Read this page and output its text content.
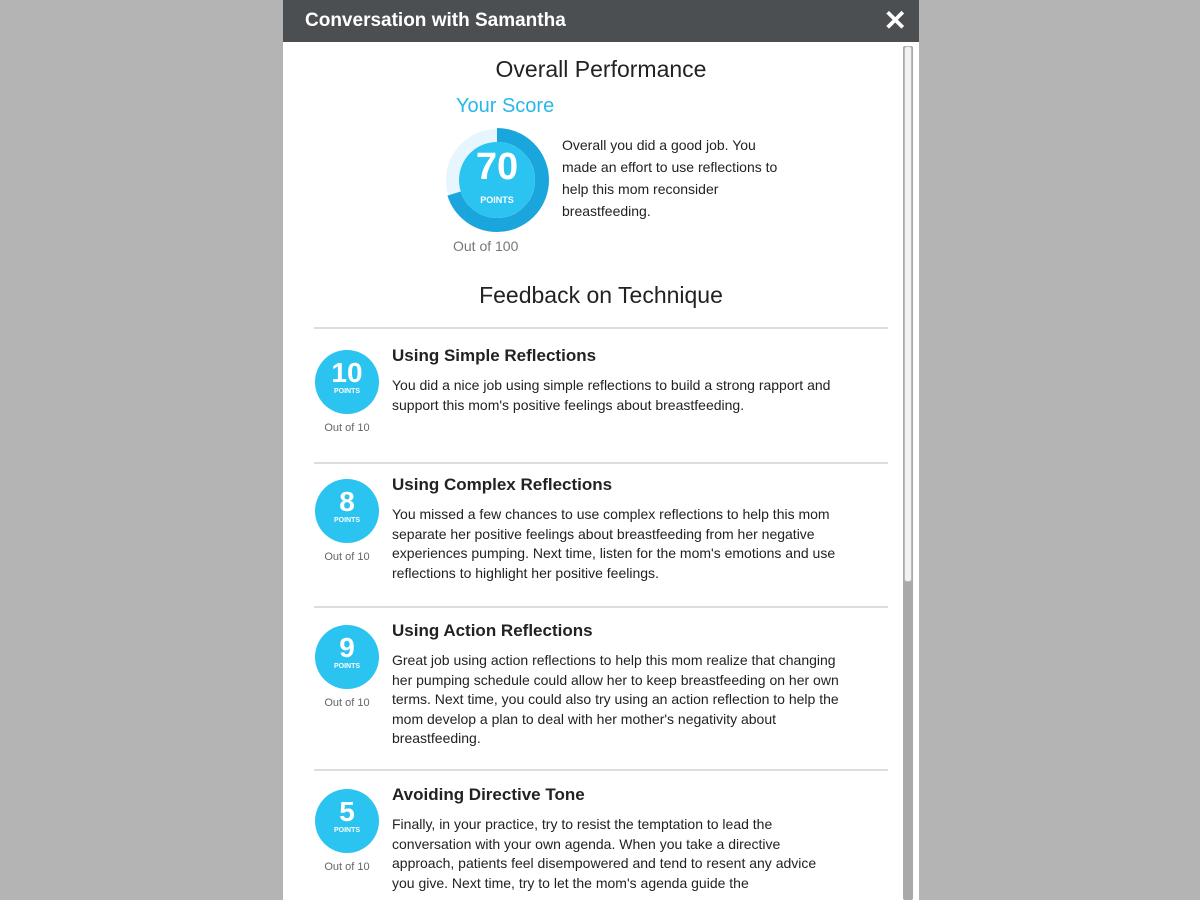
Conversation with Samantha	✕
Overall Performance
Your Score
70
POINTS
Out of 100
Overall you did a good job. You made an effort to use reflections to help this mom reconsider breastfeeding.
Feedback on Technique
10
POINTS
Out of 10
Using Simple Reflections
You did a nice job using simple reflections to build a strong rapport and support this mom's positive feelings about breastfeeding.
8
POINTS
Out of 10
Using Complex Reflections
You missed a few chances to use complex reflections to help this mom separate her positive feelings about breastfeeding from her negative experiences pumping. Next time, listen for the mom's emotions and use reflections to highlight her positive feelings.
9
POINTS
Out of 10
Using Action Reflections
Great job using action reflections to help this mom realize that changing her pumping schedule could allow her to keep breastfeeding on her own terms. Next time, you could also try using an action reflection to help the mom develop a plan to deal with her mother's negativity about breastfeeding.
5
POINTS
Out of 10
Avoiding Directive Tone
Finally, in your practice, try to resist the temptation to lead the conversation with your own agenda. When you take a directive approach, patients feel disempowered and tend to resent any advice you give. Next time, try to let the mom's agenda guide the
